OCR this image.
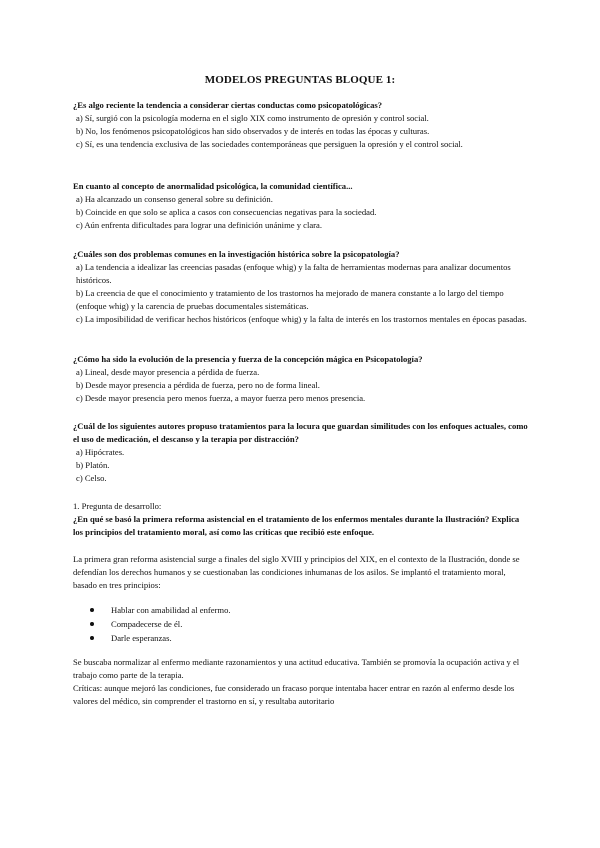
MODELOS PREGUNTAS BLOQUE 1:

¿Es algo reciente la tendencia a considerar ciertas conductas como psicopatológicas?

a) Sí, surgió con la psicología moderna en el siglo XIX como instrumento de opresión y control social.

b) No, los fenómenos psicopatológicos han sido observados y de interés en todas las épocas y culturas.

c) Sí, es una tendencia exclusiva de las sociedades contemporáneas que persiguen la opresión y el control social.

En cuanto al concepto de anormalidad psicológica, la comunidad científica...

a) Ha alcanzado un consenso general sobre su definición.

b) Coincide en que solo se aplica a casos con consecuencias negativas para la sociedad.

c) Aún enfrenta dificultades para lograr una definición unánime y clara.

¿Cuáles son dos problemas comunes en la investigación histórica sobre la psicopatología?

a) La tendencia a idealizar las creencias pasadas (enfoque whig) y la falta de herramientas modernas para analizar documentos históricos.

b) La creencia de que el conocimiento y tratamiento de los trastornos ha mejorado de manera constante a lo largo del tiempo (enfoque whig) y la carencia de pruebas documentales sistemáticas.

c) La imposibilidad de verificar hechos históricos (enfoque whig) y la falta de interés en los trastornos mentales en épocas pasadas.

¿Cómo ha sido la evolución de la presencia y fuerza de la concepción mágica en Psicopatología?

a) Lineal, desde mayor presencia a pérdida de fuerza.

b) Desde mayor presencia a pérdida de fuerza, pero no de forma lineal.

c) Desde mayor presencia pero menos fuerza, a mayor fuerza pero menos presencia.

¿Cuál de los siguientes autores propuso tratamientos para la locura que guardan similitudes con los enfoques actuales, como el uso de medicación, el descanso y la terapia por distracción?

a) Hipócrates.

b) Platón.

c) Celso.

1. Pregunta de desarrollo:

¿En qué se basó la primera reforma asistencial en el tratamiento de los enfermos mentales durante la Ilustración? Explica los principios del tratamiento moral, así como las críticas que recibió este enfoque.

La primera gran reforma asistencial surge a finales del siglo XVIII y principios del XIX, en el contexto de la Ilustración, donde se defendían los derechos humanos y se cuestionaban las condiciones inhumanas de los asilos. Se implantó el tratamiento moral, basado en tres principios:

Hablar con amabilidad al enfermo.
Compadecerse de él.
Darle esperanzas.

Se buscaba normalizar al enfermo mediante razonamientos y una actitud educativa. También se promovía la ocupación activa y el trabajo como parte de la terapia.

Críticas: aunque mejoró las condiciones, fue considerado un fracaso porque intentaba hacer entrar en razón al enfermo desde los valores del médico, sin comprender el trastorno en sí, y resultaba autoritario
